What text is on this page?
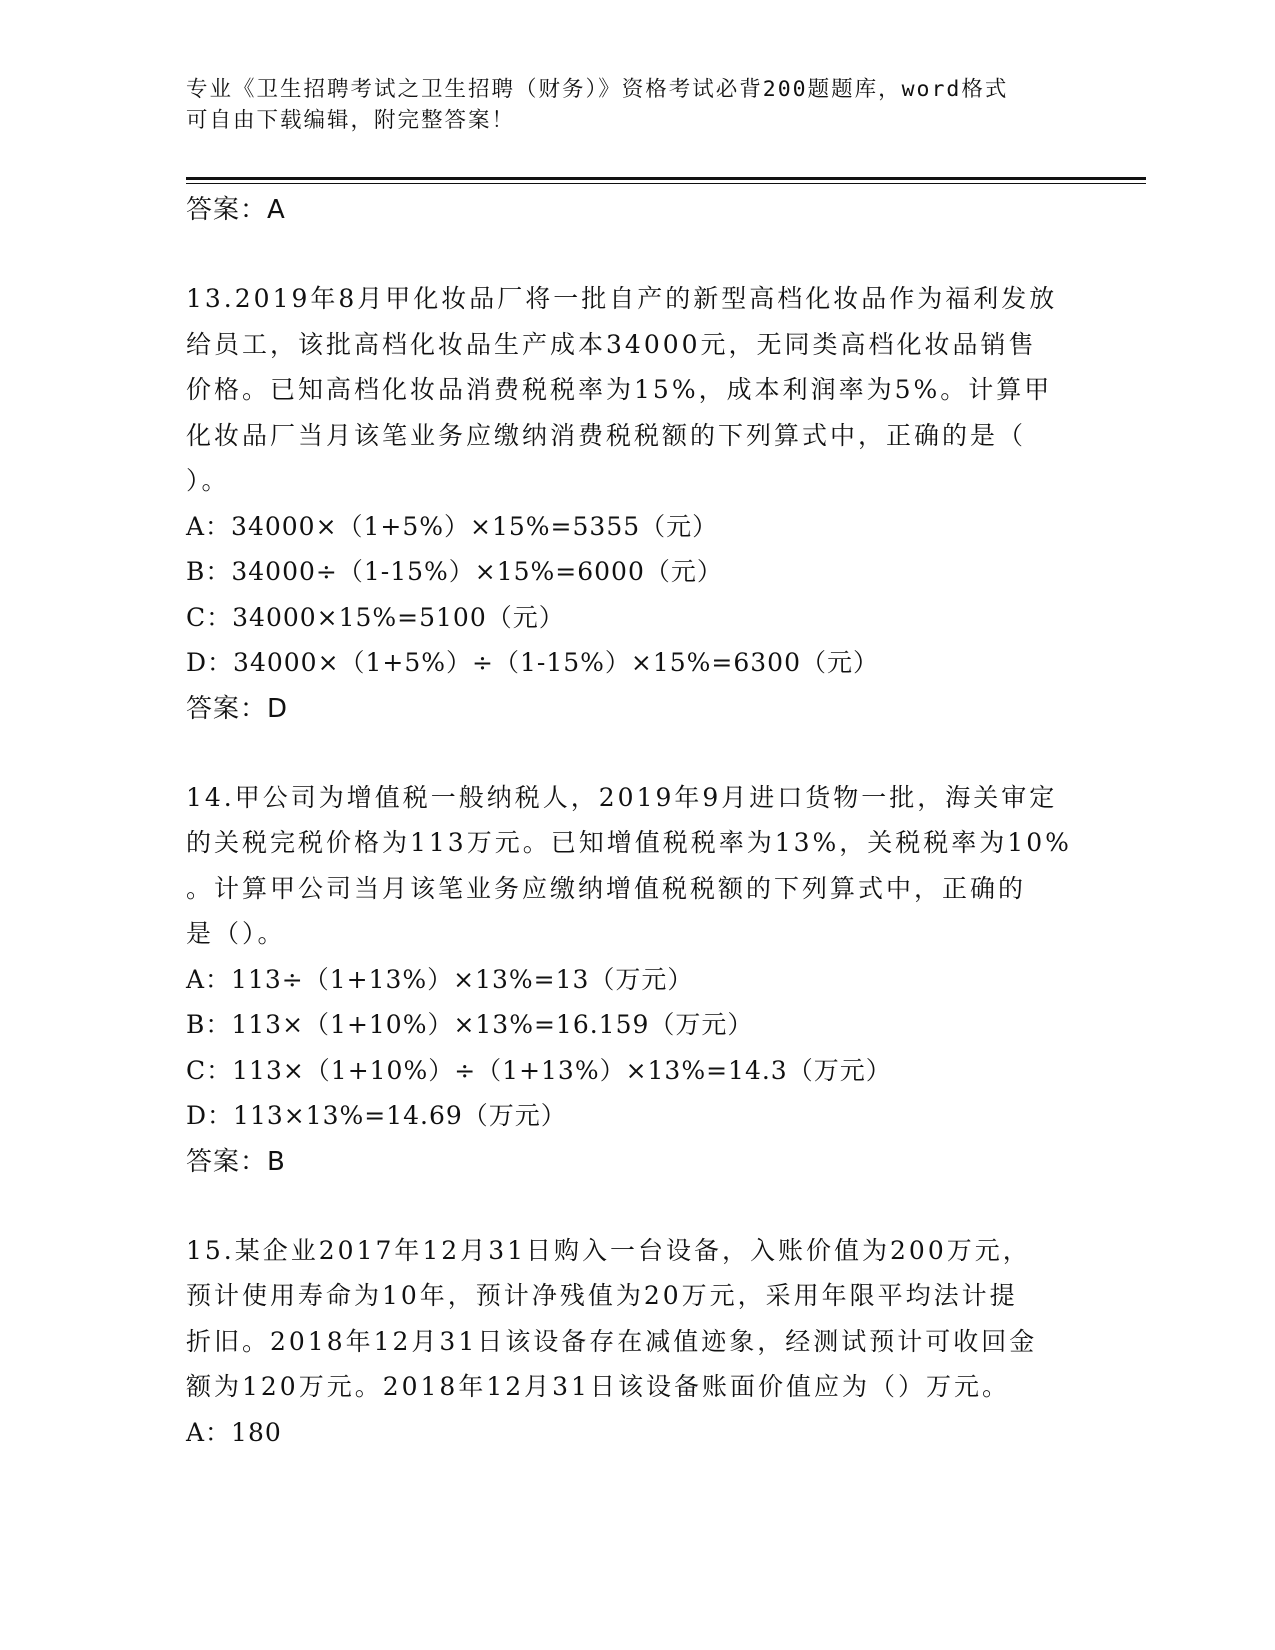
专业《卫生招聘考试之卫生招聘（财务）》资格考试必背200题题库，word格式
可自由下载编辑，附完整答案！
答案：A
13.2019年8月甲化妆品厂将一批自产的新型高档化妆品作为福利发放
给员工，该批高档化妆品生产成本34000元，无同类高档化妆品销售
价格。已知高档化妆品消费税税率为15%，成本利润率为5%。计算甲
化妆品厂当月该笔业务应缴纳消费税税额的下列算式中，正确的是（
）。
A：34000×（1+5%）×15%=5355（元）
B：34000÷（1-15%）×15%=6000（元）
C：34000×15%=5100（元）
D：34000×（1+5%）÷（1-15%）×15%=6300（元）
答案：D
14.甲公司为增值税一般纳税人，2019年9月进口货物一批，海关审定
的关税完税价格为113万元。已知增值税税率为13%，关税税率为10%
。计算甲公司当月该笔业务应缴纳增值税税额的下列算式中，正确的
是（）。
A：113÷（1+13%）×13%=13（万元）
B：113×（1+10%）×13%=16.159（万元）
C：113×（1+10%）÷（1+13%）×13%=14.3（万元）
D：113×13%=14.69（万元）
答案：B
15.某企业2017年12月31日购入一台设备，入账价值为200万元，
预计使用寿命为10年，预计净残值为20万元，采用年限平均法计提
折旧。2018年12月31日该设备存在减值迹象，经测试预计可收回金
额为120万元。2018年12月31日该设备账面价值应为（）万元。
A：180
